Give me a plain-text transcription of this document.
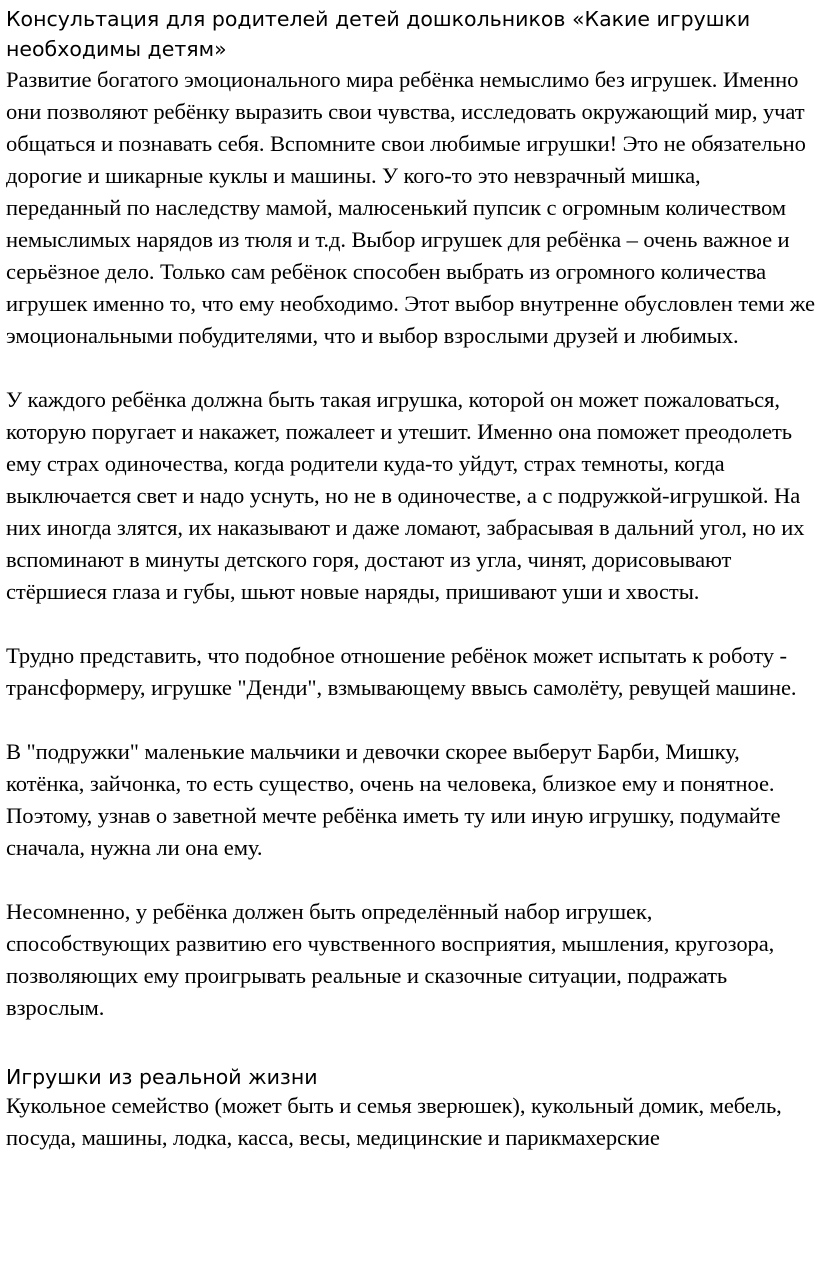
Консультация для родителей детей дошкольников «Какие игрушки необходимы детям»

Развитие богатого эмоционального мира ребёнка немыслимо без игрушек. Именно они позволяют ребёнку выразить свои чувства, исследовать окружающий мир, учат общаться и познавать себя. Вспомните свои любимые игрушки! Это не обязательно дорогие и шикарные куклы и машины. У кого-то это невзрачный мишка, переданный по наследству мамой, малюсенький пупсик с огромным количеством немыслимых нарядов из тюля и т.д. Выбор игрушек для ребёнка – очень важное и серьёзное дело. Только сам ребёнок способен выбрать из огромного количества игрушек именно то, что ему необходимо. Этот выбор внутренне обусловлен теми же эмоциональными побудителями, что и выбор взрослыми друзей и любимых.

У каждого ребёнка должна быть такая игрушка, которой он может пожаловаться, которую поругает и накажет, пожалеет и утешит. Именно она поможет преодолеть ему страх одиночества, когда родители куда-то уйдут, страх темноты, когда выключается свет и надо уснуть, но не в одиночестве, а с подружкой-игрушкой. На них иногда злятся, их наказывают и даже ломают, забрасывая в дальний угол, но их вспоминают в минуты детского горя, достают из угла, чинят, дорисовывают стёршиеся глаза и губы, шьют новые наряды, пришивают уши и хвосты.

Трудно представить, что подобное отношение ребёнок может испытать к роботу - трансформеру, игрушке "Денди", взмывающему ввысь самолёту, ревущей машине.

В "подружки" маленькие мальчики и девочки скорее выберут Барби, Мишку, котёнка, зайчонка, то есть существо, очень на человека, близкое ему и понятное. Поэтому, узнав о заветной мечте ребёнка иметь ту или иную игрушку, подумайте сначала, нужна ли она ему.

Несомненно, у ребёнка должен быть определённый набор игрушек, способствующих развитию его чувственного восприятия, мышления, кругозора, позволяющих ему проигрывать реальные и сказочные ситуации, подражать взрослым.

Игрушки из реальной жизни

Кукольное семейство (может быть и семья зверюшек), кукольный домик, мебель, посуда, машины, лодка, касса, весы, медицинские и парикмахерские
